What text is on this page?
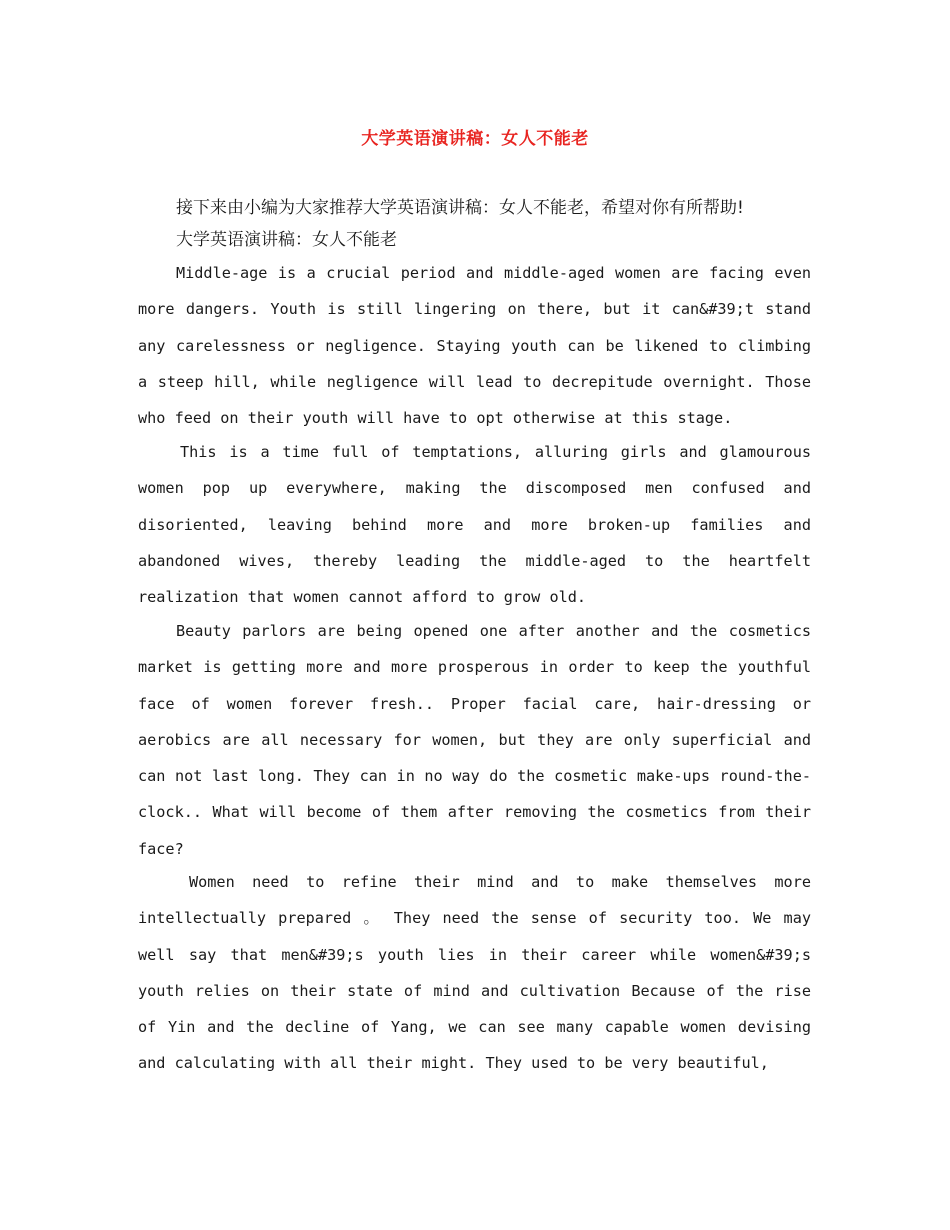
大学英语演讲稿：女人不能老
接下来由小编为大家推荐大学英语演讲稿：女人不能老，希望对你有所帮助!
大学英语演讲稿：女人不能老

Middle-age is a crucial period and middle-aged women are facing even more dangers. Youth is still lingering on there, but it can&#39;t stand any carelessness or negligence. Staying youth can be likened to climbing a steep hill, while negligence will lead to decrepitude overnight. Those who feed on their youth will have to opt otherwise at this stage.

This is a time full of temptations, alluring girls and glamourous women pop up everywhere, making the discomposed men confused and disoriented, leaving behind more and more broken-up families and abandoned wives, thereby leading the middle-aged to the heartfelt realization that women cannot afford to grow old.

Beauty parlors are being opened one after another and the cosmetics market is getting more and more prosperous in order to keep the youthful face of women forever fresh.. Proper facial care, hair-dressing or aerobics are all necessary for women, but they are only superficial and can not last long. They can in no way do the cosmetic make-ups round-the-clock.. What will become of them after removing the cosmetics from their face?

Women need to refine their mind and to make themselves more intellectually prepared 。 They need the sense of security too. We may well say that men&#39;s youth lies in their career while women&#39;s youth relies on their state of mind and cultivation Because of the rise of Yin and the decline of Yang, we can see many capable women devising and calculating with all their might. They used to be very beautiful,
